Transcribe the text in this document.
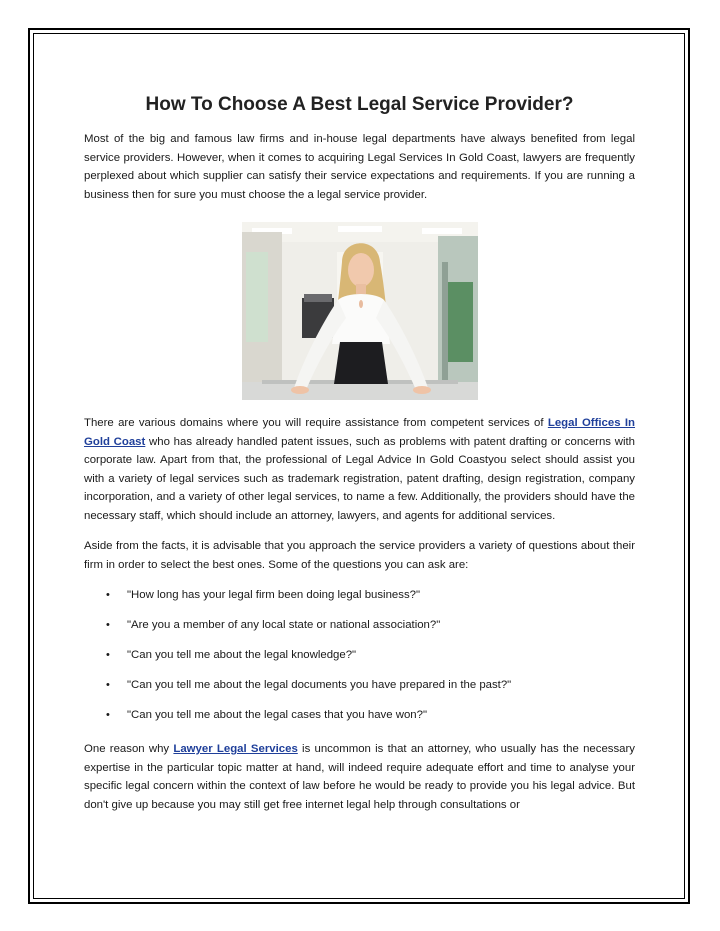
How To Choose A Best Legal Service Provider?

Most of the big and famous law firms and in-house legal departments have always benefited from legal service providers. However, when it comes to acquiring Legal Services In Gold Coast, lawyers are frequently perplexed about which supplier can satisfy their service expectations and requirements. If you are running a business then for sure you must choose the a legal service provider.

There are various domains where you will require assistance from competent services of Legal Offices In Gold Coast who has already handled patent issues, such as problems with patent drafting or concerns with corporate law. Apart from that, the professional of Legal Advice In Gold Coastyou select should assist you with a variety of legal services such as trademark registration, patent drafting, design registration, company incorporation, and a variety of other legal services, to name a few. Additionally, the providers should have the necessary staff, which should include an attorney, lawyers, and agents for additional services.

Aside from the facts, it is advisable that you approach the service providers a variety of questions about their firm in order to select the best ones. Some of the questions you can ask are:

• "How long has your legal firm been doing legal business?"
• "Are you a member of any local state or national association?"
• "Can you tell me about the legal knowledge?"
• "Can you tell me about the legal documents you have prepared in the past?"
• "Can you tell me about the legal cases that you have won?"

One reason why Lawyer Legal Services is uncommon is that an attorney, who usually has the necessary expertise in the particular topic matter at hand, will indeed require adequate effort and time to analyse your specific legal concern within the context of law before he would be ready to provide you his legal advice. But don't give up because you may still get free internet legal help through consultations or
